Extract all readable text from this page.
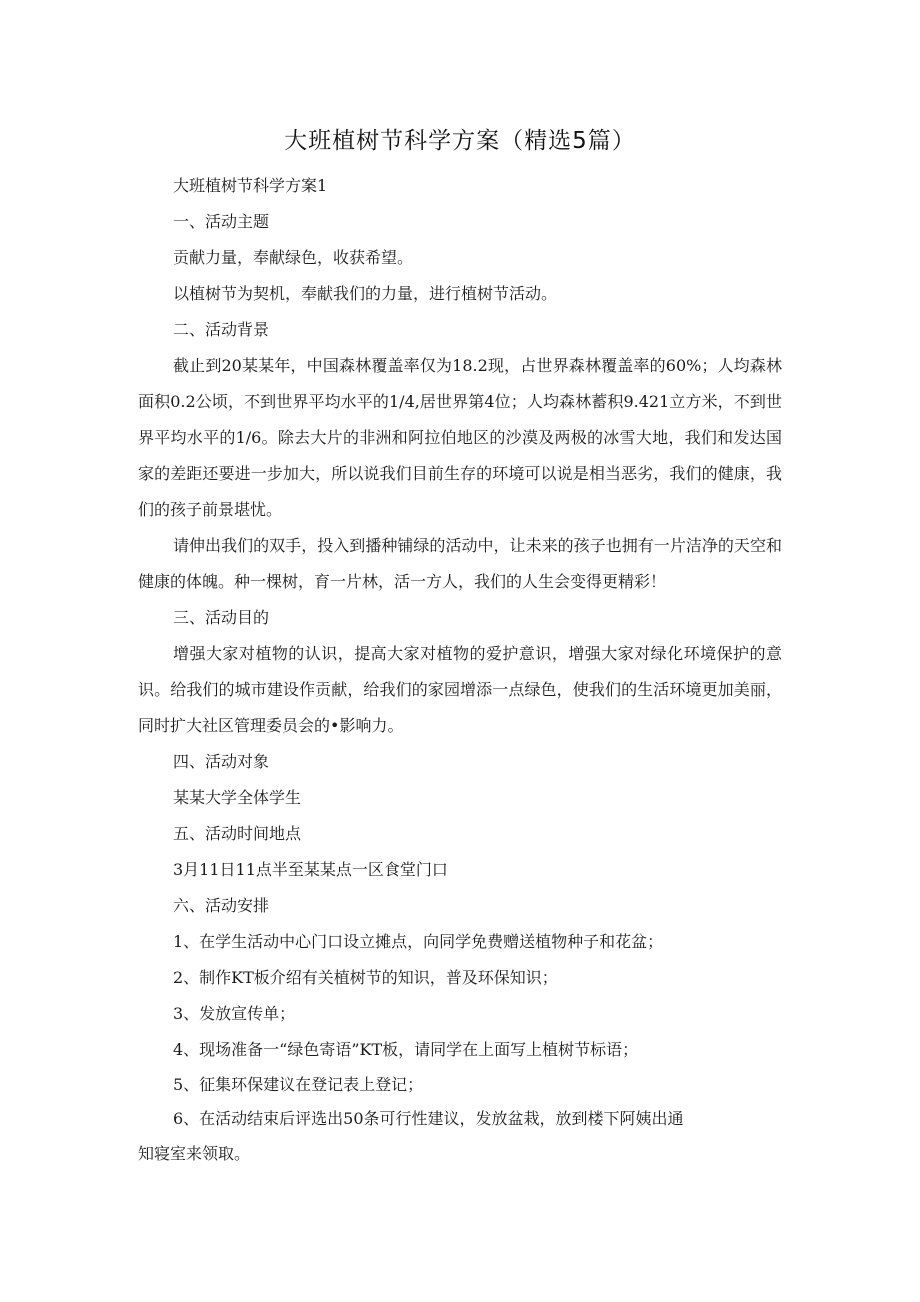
大班植树节科学方案（精选5篇）

大班植树节科学方案1

一、活动主题

贡献力量，奉献绿色，收获希望。

以植树节为契机，奉献我们的力量，进行植树节活动。

二、活动背景

截止到20某某年，中国森林覆盖率仅为18.2现，占世界森林覆盖率的60%；人均森林面积0.2公顷，不到世界平均水平的1/4,居世界第4位；人均森林蓄积9.421立方米，不到世界平均水平的1/6。除去大片的非洲和阿拉伯地区的沙漠及两极的冰雪大地，我们和发达国家的差距还要进一步加大，所以说我们目前生存的环境可以说是相当恶劣，我们的健康，我们的孩子前景堪忧。

请伸出我们的双手，投入到播种铺绿的活动中，让未来的孩子也拥有一片洁净的天空和健康的体魄。种一棵树，育一片林，活一方人，我们的人生会变得更精彩！

三、活动目的

增强大家对植物的认识，提高大家对植物的爱护意识，增强大家对绿化环境保护的意识。给我们的城市建设作贡献，给我们的家园增添一点绿色，使我们的生活环境更加美丽，同时扩大社区管理委员会的•影响力。

四、活动对象

某某大学全体学生

五、活动时间地点

3月11日11点半至某某点一区食堂门口

六、活动安排

1、在学生活动中心门口设立摊点，向同学免费赠送植物种子和花盆；

2、制作KT板介绍有关植树节的知识，普及环保知识；

3、发放宣传单；

4、现场准备一“绿色寄语”KT板，请同学在上面写上植树节标语；

5、征集环保建议在登记表上登记；

6、在活动结束后评选出50条可行性建议，发放盆栽，放到楼下阿姨出通

知寝室来领取。
